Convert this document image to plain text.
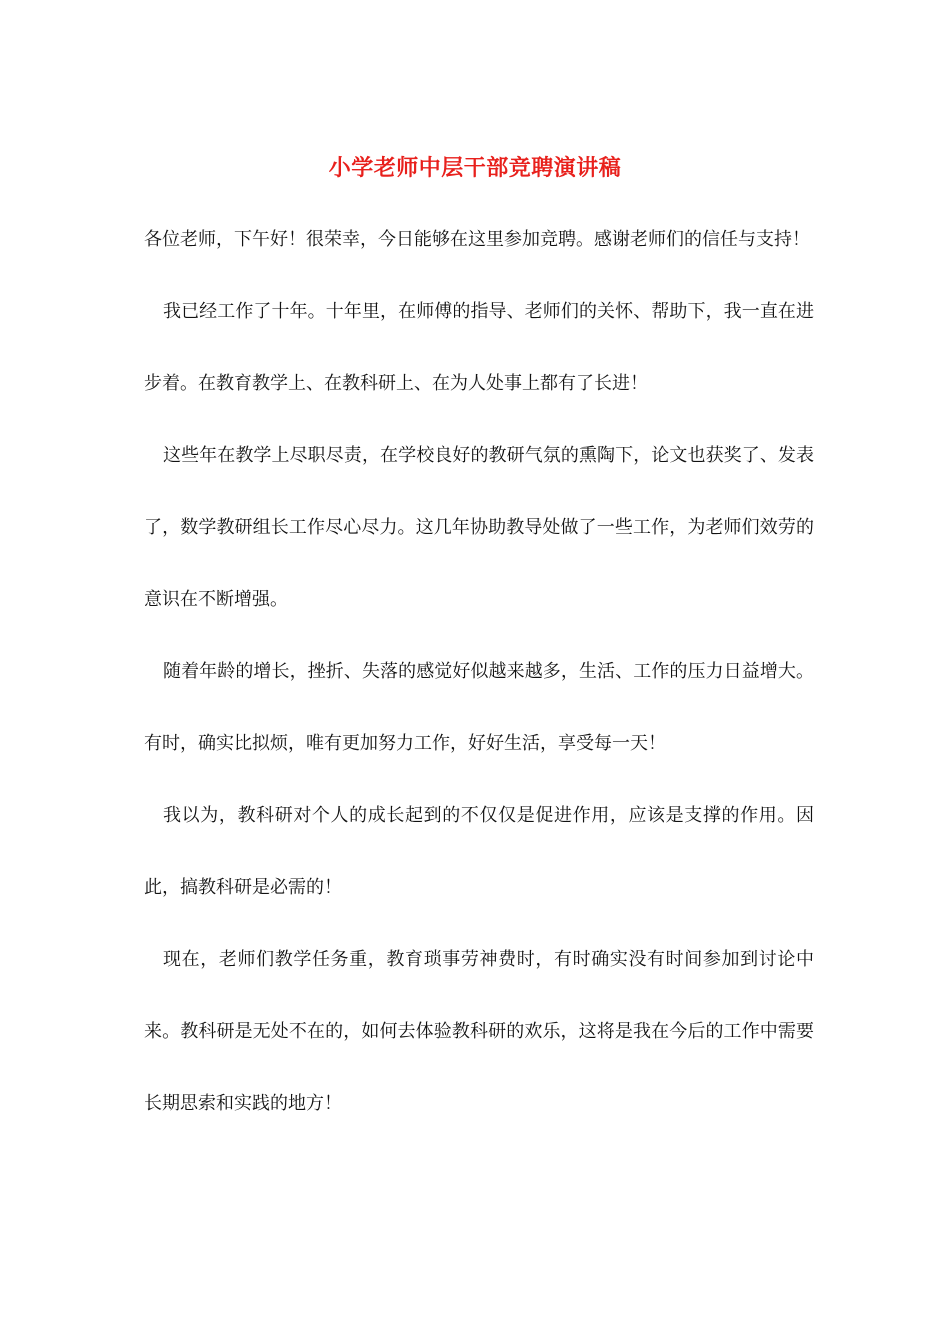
小学老师中层干部竞聘演讲稿

各位老师，下午好！很荣幸，今日能够在这里参加竞聘。感谢老师们的信任与支持！

我已经工作了十年。十年里，在师傅的指导、老师们的关怀、帮助下，我一直在进步着。在教育教学上、在教科研上、在为人处事上都有了长进！

这些年在教学上尽职尽责，在学校良好的教研气氛的熏陶下，论文也获奖了、发表了，数学教研组长工作尽心尽力。这几年协助教导处做了一些工作，为老师们效劳的意识在不断增强。

随着年龄的增长，挫折、失落的感觉好似越来越多，生活、工作的压力日益增大。有时，确实比拟烦，唯有更加努力工作，好好生活，享受每一天！

我以为，教科研对个人的成长起到的不仅仅是促进作用，应该是支撑的作用。因此，搞教科研是必需的！

现在，老师们教学任务重，教育琐事劳神费时，有时确实没有时间参加到讨论中来。教科研是无处不在的，如何去体验教科研的欢乐，这将是我在今后的工作中需要长期思索和实践的地方！
